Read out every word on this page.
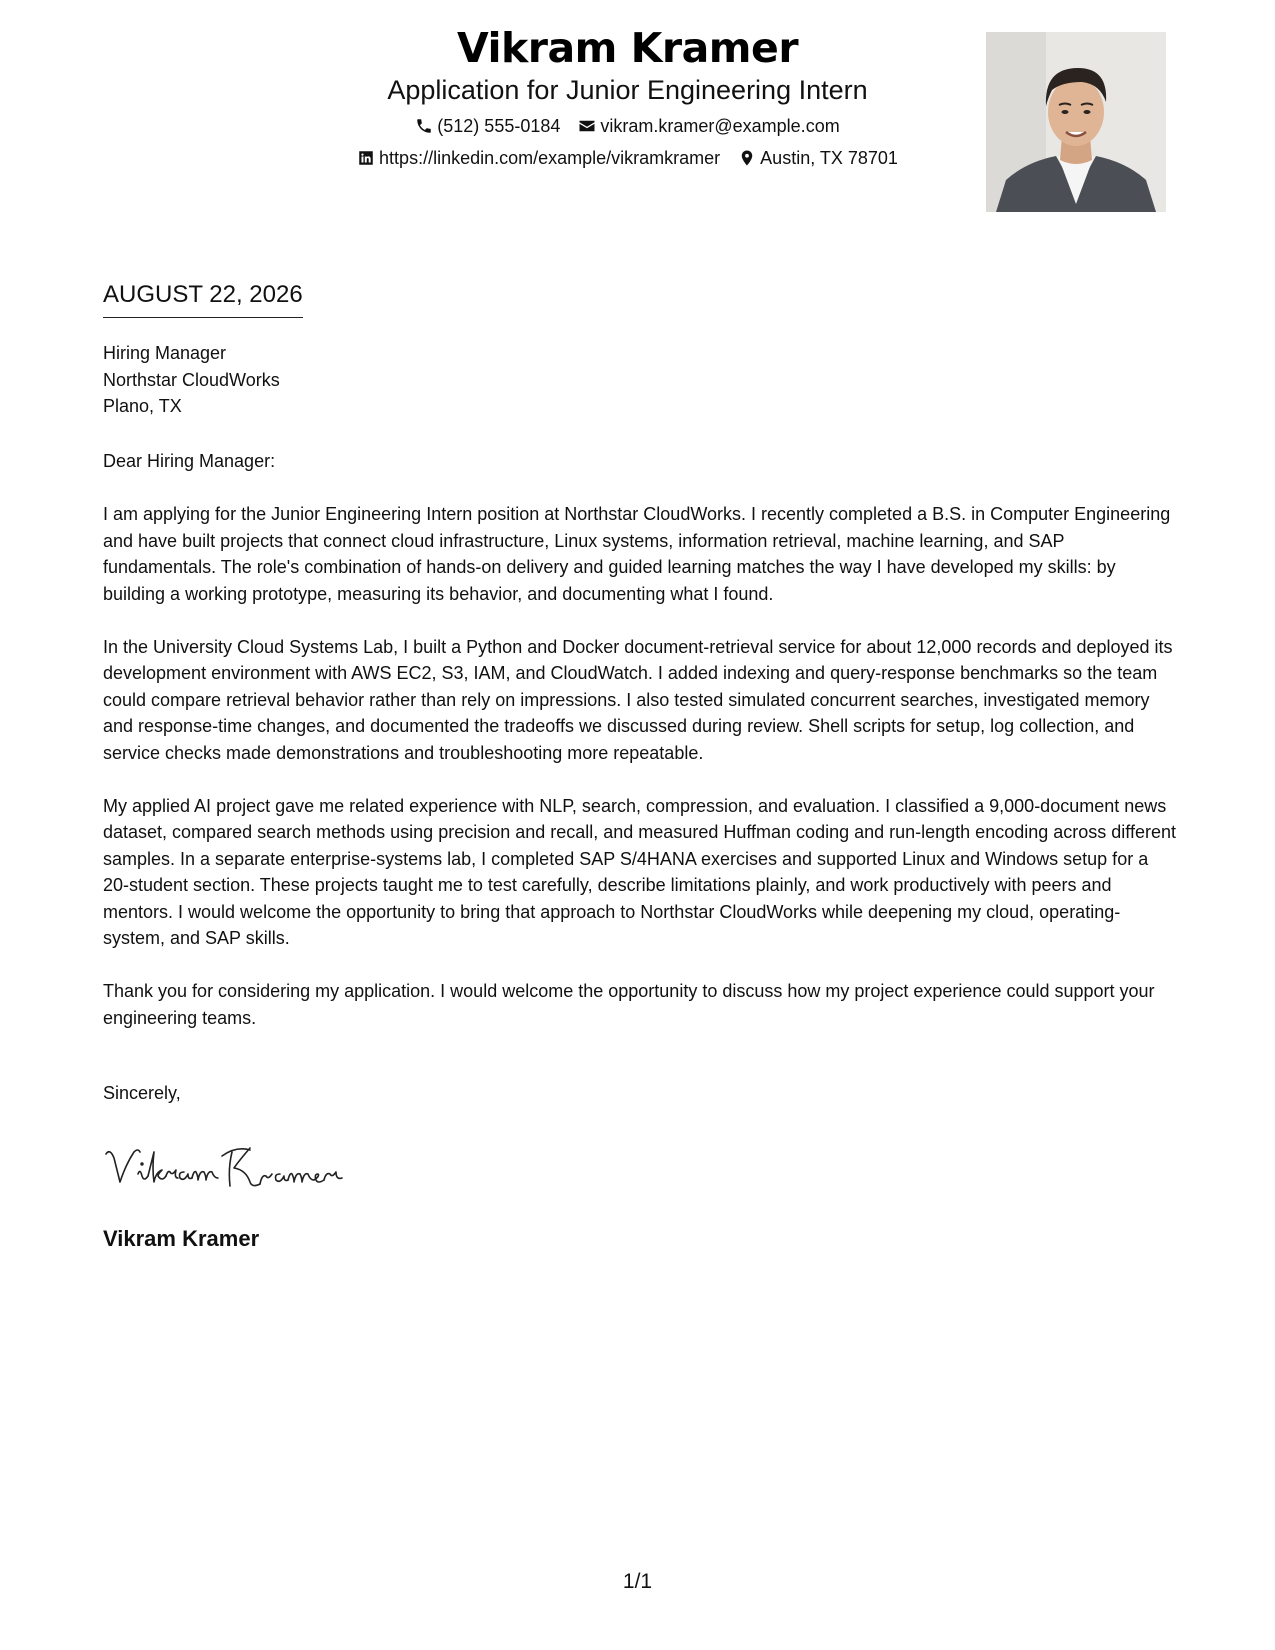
Vikram Kramer
Application for Junior Engineering Intern
(512) 555-0184 vikram.kramer@example.com
https://linkedin.com/example/vikramkramer Austin, TX 78701
AUGUST 22, 2026
Hiring Manager
Northstar CloudWorks
Plano, TX

Dear Hiring Manager:

I am applying for the Junior Engineering Intern position at Northstar CloudWorks. I recently completed a B.S. in Computer Engineering and have built projects that connect cloud infrastructure, Linux systems, information retrieval, machine learning, and SAP fundamentals. The role's combination of hands-on delivery and guided learning matches the way I have developed my skills: by building a working prototype, measuring its behavior, and documenting what I found.

In the University Cloud Systems Lab, I built a Python and Docker document-retrieval service for about 12,000 records and deployed its development environment with AWS EC2, S3, IAM, and CloudWatch. I added indexing and query-response benchmarks so the team could compare retrieval behavior rather than rely on impressions. I also tested simulated concurrent searches, investigated memory and response-time changes, and documented the tradeoffs we discussed during review. Shell scripts for setup, log collection, and service checks made demonstrations and troubleshooting more repeatable.

My applied AI project gave me related experience with NLP, search, compression, and evaluation. I classified a 9,000-document news dataset, compared search methods using precision and recall, and measured Huffman coding and run-length encoding across different samples. In a separate enterprise-systems lab, I completed SAP S/4HANA exercises and supported Linux and Windows setup for a 20-student section. These projects taught me to test carefully, describe limitations plainly, and work productively with peers and mentors. I would welcome the opportunity to bring that approach to Northstar CloudWorks while deepening my cloud, operating-system, and SAP skills.

Thank you for considering my application. I would welcome the opportunity to discuss how my project experience could support your engineering teams.

Sincerely,
Vikram Kramer
1/1
